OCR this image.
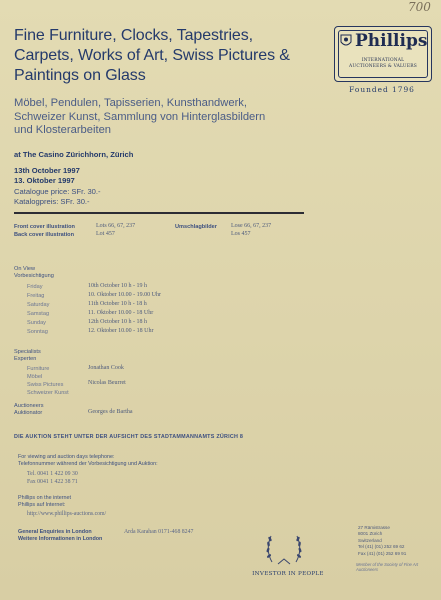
700
Fine Furniture, Clocks, Tapestries,
Carpets, Works of Art, Swiss Pictures &
Paintings on Glass
Möbel, Pendulen, Tapisserien, Kunsthandwerk,
Schweizer Kunst, Sammlung von Hinterglasbildern
und Klosterarbeiten
at The Casino Zürichhorn, Zürich
13th October 1997
13. Oktober 1997
Catalogue price: SFr. 30.-
Katalogpreis: SFr. 30.-
Phillips
INTERNATIONAL
AUCTIONEERS & VALUERS
Founded 1796
Front cover illustration	Lots 66, 67, 237
Back cover illustration	Lot 457
Umschlagbilder Lose 66, 67, 237
Los 457
On View
Vorbesichtigung
Friday	10th October 10 h - 19 h
Freitag	10. Oktober 10.00 - 19.00 Uhr
Saturday	11th October 10 h - 18 h
Samstag	11. Oktober 10.00 - 18 Uhr
Sunday	12th October 10 h - 18 h
Sonntag	12. Oktober 10.00 - 18 Uhr
Specialists
Experten
Furniture	Jonathan Cook
Möbel
Swiss Pictures	Nicolas Beurret
Schweizer Kunst
Auctioneers
Auktionator	Georges de Bartha
DIE AUKTION STEHT UNTER DER AUFSICHT DES STADTAMMANNAMTS ZÜRICH 8
For viewing and auction days telephone:
Telefonnummer während der Vorbesichtigung und Auktion:
Tel. 0041 1 422 09 30
Fax 0041 1 422 38 71
Phillips on the internet
Phillips auf Internet:
http://www.phillips-auctions.com/
General Enquiries in London
Weitere Informationen in London
Arda Karahan 0171-468 8247
INVESTOR IN PEOPLE
27 Rämistrasse
8001 Zürich
Switzerland
Tel (41) (01) 252 69 62
Fax (41) (01) 252 69 91
Member of the Society of Fine Art Auctioneers
